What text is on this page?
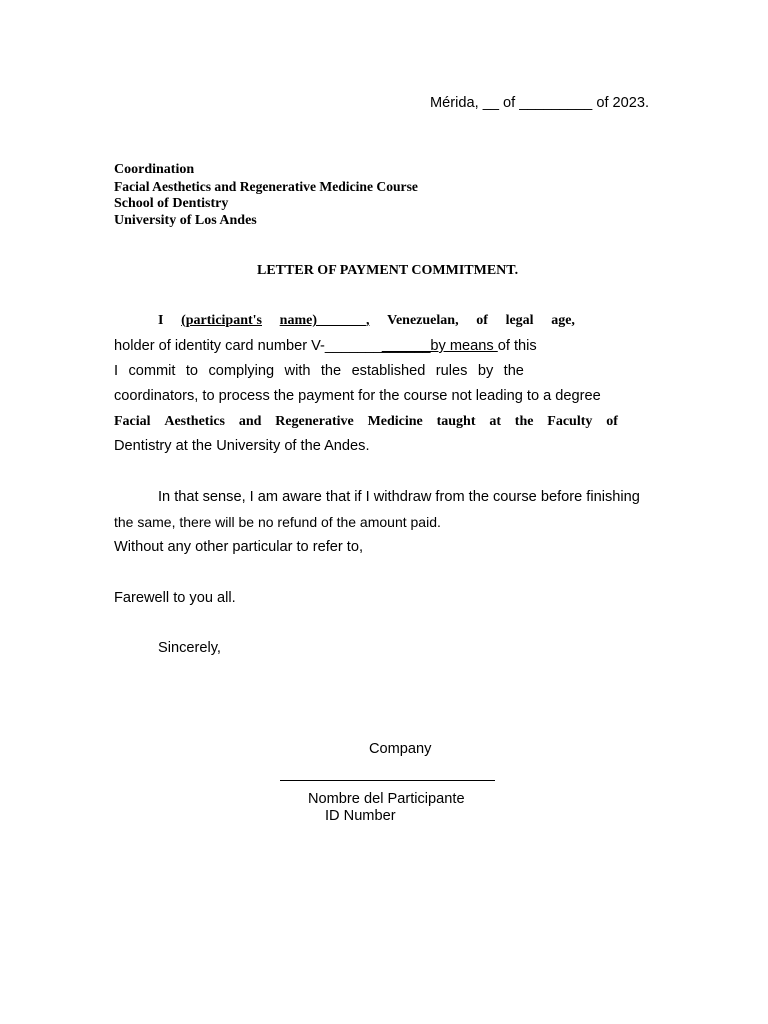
Mérida, __ of _________ of 2023.

Coordination

Facial Aesthetics and Regenerative Medicine Course

School of Dentistry

University of Los Andes

LETTER OF PAYMENT COMMITMENT.

I (participant's name)_______, Venezuelan, of legal age,

holder of identity card number V-_____________by means of this

I commit to complying with the established rules by the

coordinators, to process the payment for the course not leading to a degree

Facial Aesthetics and Regenerative Medicine taught at the Faculty of

Dentistry at the University of the Andes.

In that sense, I am aware that if I withdraw from the course before finishing

the same, there will be no refund of the amount paid.

Without any other particular to refer to,

Farewell to you all.

Sincerely,

Company

Nombre del Participante

ID Number
